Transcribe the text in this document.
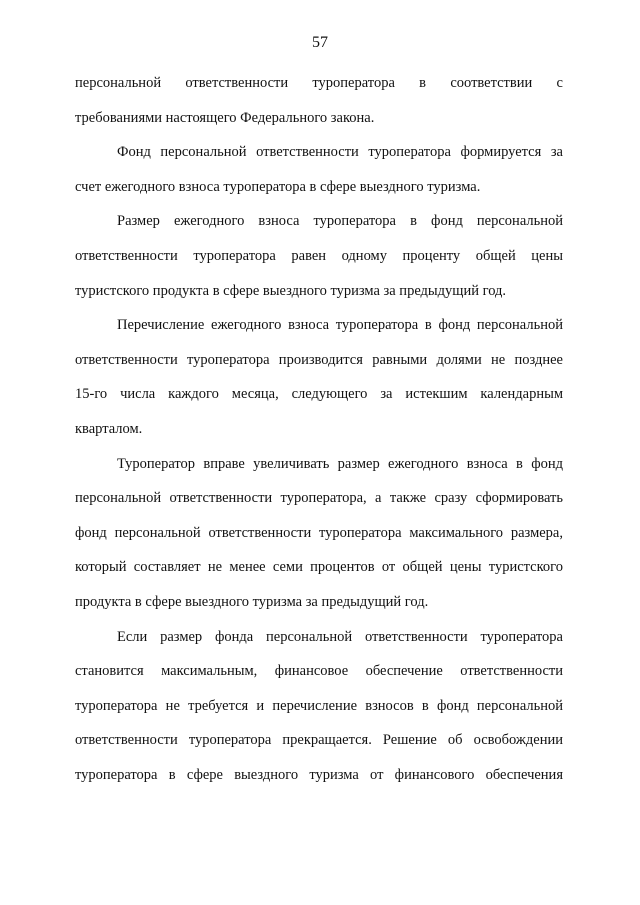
57

персональной ответственности туроператора в соответствии с
требованиями настоящего Федерального закона.

Фонд персональной ответственности туроператора формируется за
счет ежегодного взноса туроператора в сфере выездного туризма.

Размер ежегодного взноса туроператора в фонд персональной
ответственности туроператора равен одному проценту общей цены
туристского продукта в сфере выездного туризма за предыдущий год.

Перечисление ежегодного взноса туроператора в фонд персональной
ответственности туроператора производится равными долями не позднее
15-го числа каждого месяца, следующего за истекшим календарным
кварталом.

Туроператор вправе увеличивать размер ежегодного взноса в фонд
персональной ответственности туроператора, а также сразу сформировать
фонд персональной ответственности туроператора максимального размера,
который составляет не менее семи процентов от общей цены туристского
продукта в сфере выездного туризма за предыдущий год.

Если размер фонда персональной ответственности туроператора
становится максимальным, финансовое обеспечение ответственности
туроператора не требуется и перечисление взносов в фонд персональной
ответственности туроператора прекращается. Решение об освобождении
туроператора в сфере выездного туризма от финансового обеспечения
